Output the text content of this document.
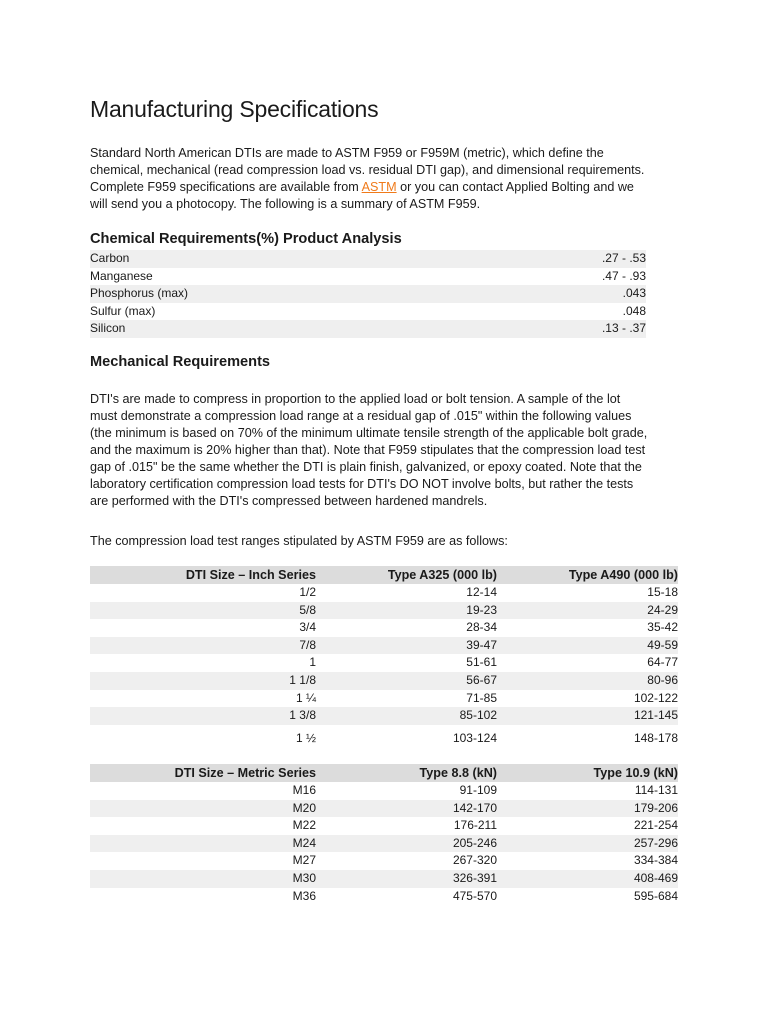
Manufacturing Specifications

Standard North American DTIs are made to ASTM F959 or F959M (metric), which define the
chemical, mechanical (read compression load vs. residual DTI gap), and dimensional requirements.
Complete F959 specifications are available from ASTM or you can contact Applied Bolting and we
will send you a photocopy. The following is a summary of ASTM F959.

Chemical Requirements(%) Product Analysis
Carbon	.27 - .53
Manganese	.47 - .93
Phosphorus (max)	.043
Sulfur (max)	.048
Silicon	.13 - .37
Mechanical Requirements

DTI's are made to compress in proportion to the applied load or bolt tension. A sample of the lot
must demonstrate a compression load range at a residual gap of .015" within the following values
(the minimum is based on 70% of the minimum ultimate tensile strength of the applicable bolt grade,
and the maximum is 20% higher than that). Note that F959 stipulates that the compression load test
gap of .015" be the same whether the DTI is plain finish, galvanized, or epoxy coated. Note that the
laboratory certification compression load tests for DTI's DO NOT involve bolts, but rather the tests
are performed with the DTI's compressed between hardened mandrels.

The compression load test ranges stipulated by ASTM F959 are as follows:

DTI Size – Inch Series	Type A325 (000 lb)	Type A490 (000 lb)
1/2	12-14	15-18
5/8	19-23	24-29
3/4	28-34	35-42
7/8	39-47	49-59
1	51-61	64-77
1 1/8	56-67	80-96
1 ¼	71-85	102-122
1 3/8	85-102	121-145
1 ½	103-124	148-178
DTI Size – Metric Series	Type 8.8 (kN)	Type 10.9 (kN)
M16	91-109	114-131
M20	142-170	179-206
M22	176-211	221-254
M24	205-246	257-296
M27	267-320	334-384
M30	326-391	408-469
M36	475-570	595-684
